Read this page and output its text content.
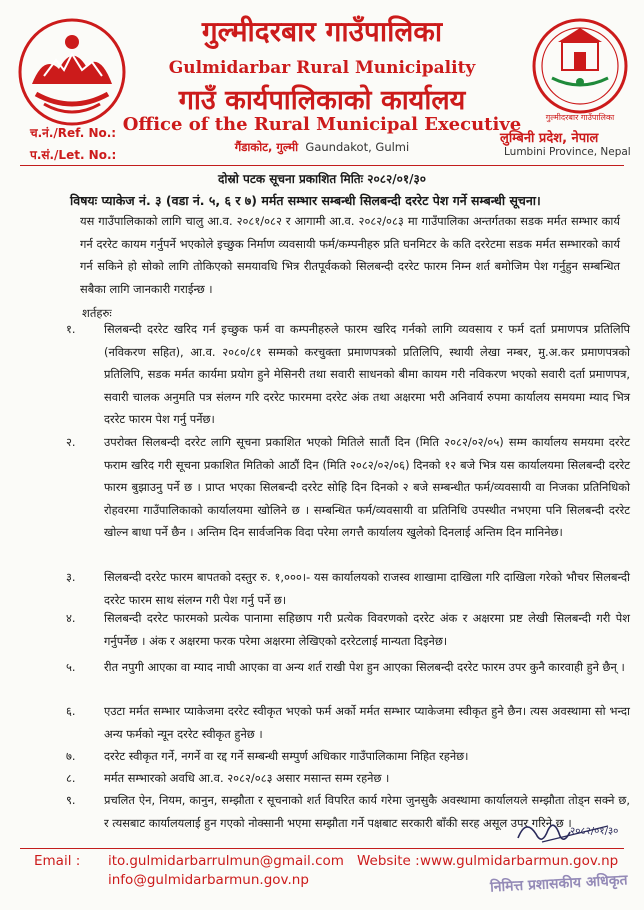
गुल्मीदरबार गाउँपालिका
गुल्मीदरबार गाउँपालिका
Gulmidarbar Rural Municipality
गाउँ कार्यपालिकाको कार्यालय
Office of the Rural Municipal Executive
गैंडाकोट, गुल्मी Gaundakot, Gulmi
च.नं./Ref. No.:
प.सं./Let. No.:
लुम्बिनी प्रदेश, नेपाल
Lumbini Province, Nepal
दोस्रो पटक सूचना प्रकाशित मितिः २०८२/०१/३०
विषयः प्याकेज नं. ३ (वडा नं. ५, ६ र ७) मर्मत सम्भार सम्बन्धी सिलबन्दी दररेट पेश गर्ने सम्बन्धी सूचना।
यस गाउँपालिकाको लागि चालु आ.व. २०८१/०८२ र आगामी आ.व. २०८२/०८३ मा गाउँपालिका अन्तर्गतका सडक मर्मत सम्भार कार्य गर्न दररेट कायम गर्नुपर्ने भएकोले इच्छुक निर्माण व्यवसायी फर्म/कम्पनीहरु प्रति घनमिटर के कति दररेटमा सडक मर्मत सम्भारको कार्य गर्न सकिने हो सोको लागि तोकिएको समयावधि भित्र रीतपूर्वकको सिलबन्दी दररेट फारम निम्न शर्त बमोजिम पेश गर्नुहुन सम्बन्धित सबैका लागि जानकारी गराईन्छ ।
शर्तहरुः
१.	सिलबन्दी दररेट खरिद गर्न इच्छुक फर्म वा कम्पनीहरुले फारम खरिद गर्नको लागि व्यवसाय र फर्म दर्ता प्रमाणपत्र प्रतिलिपि (नविकरण सहित), आ.व. २०८०/८१ सम्मको करचुक्ता प्रमाणपत्रको प्रतिलिपि, स्थायी लेखा नम्बर, मु.अ.कर प्रमाणपत्रको प्रतिलिपि, सडक मर्मत कार्यमा प्रयोग हुने मेसिनरी तथा सवारी साधनको बीमा कायम गरी नविकरण भएको सवारी दर्ता प्रमाणपत्र, सवारी चालक अनुमति पत्र संलग्न गरि दररेट फारममा दररेट अंक तथा अक्षरमा भरी अनिवार्य रुपमा कार्यालय समयमा म्याद भित्र दररेट फारम पेश गर्नु पर्नेछ।
२.	उपरोक्त सिलबन्दी दररेट लागि सूचना प्रकाशित भएको मितिले सातौं दिन (मिति २०८२/०२/०५) सम्म कार्यालय समयमा दररेट फराम खरिद गरी सूचना प्रकाशित मितिको आठौं दिन (मिति २०८२/०२/०६) दिनको १२ बजे भित्र यस कार्यालयमा सिलबन्दी दररेट फारम बुझाउनु पर्ने छ । प्राप्त भएका सिलबन्दी दररेट सोहि दिन दिनको २ बजे सम्बन्धीत फर्म/व्यवसायी वा निजका प्रतिनिधिको रोहवरमा गाउँपालिकाको कार्यालयमा खोलिने छ । सम्बन्धित फर्म/व्यवसायी वा प्रतिनिधि उपस्थीत नभएमा पनि सिलबन्दी दररेट खोल्न बाधा पर्ने छैन । अन्तिम दिन सार्वजनिक विदा परेमा लगत्तै कार्यालय खुलेको दिनलाई अन्तिम दिन मानिनेछ।
३.	सिलबन्दी दररेट फारम बापतको दस्तुर रु. १,०००।- यस कार्यालयको राजस्व शाखामा दाखिला गरि दाखिला गरेको भौचर सिलबन्दी दररेट फारम साथ संलग्न गरी पेश गर्नु पर्ने छ।
४.	सिलबन्दी दररेट फारमको प्रत्येक पानामा सहिछाप गरी प्रत्येक विवरणको दररेट अंक र अक्षरमा प्रष्ट लेखी सिलबन्दी गरी पेश गर्नुपर्नेछ । अंक र अक्षरमा फरक परेमा अक्षरमा लेखिएको दररेटलाई मान्यता दिइनेछ।
५.	रीत नपुगी आएका वा म्याद नाघी आएका वा अन्य शर्त राखी पेश हुन आएका सिलबन्दी दररेट फारम उपर कुनै कारवाही हुने छैन् ।
६.	एउटा मर्मत सम्भार प्याकेजमा दररेट स्वीकृत भएको फर्म अर्को मर्मत सम्भार प्याकेजमा स्वीकृत हुने छैन। त्यस अवस्थामा सो भन्दा अन्य फर्मको न्यून दररेट स्वीकृत हुनेछ ।
७.	दररेट स्वीकृत गर्ने, नगर्ने वा रद्द गर्ने सम्बन्धी सम्पुर्ण अधिकार गाउँपालिकामा निहित रहनेछ।
८.	मर्मत सम्भारको अवधि आ.व. २०८२/०८३ असार मसान्त सम्म रहनेछ ।
९.	प्रचलित ऐन, नियम, कानुन, सम्झौता र सूचनाको शर्त विपरित कार्य गरेमा जुनसुकै अवस्थामा कार्यालयले सम्झौता तोड्न सक्ने छ, र त्यसबाट कार्यालयलाई हुन गएको नोक्सानी भएमा सम्झौता गर्ने पक्षबाट सरकारी बाँकी सरह असूल उपर गरिने छ ।
२०८२/०१/३०
Email : ito.gulmidarbarrulmun@gmail.com
info@gulmidarbarmun.gov.np
Website : www.gulmidarbarmun.gov.np
निमित्त प्रशासकीय अधिकृत
